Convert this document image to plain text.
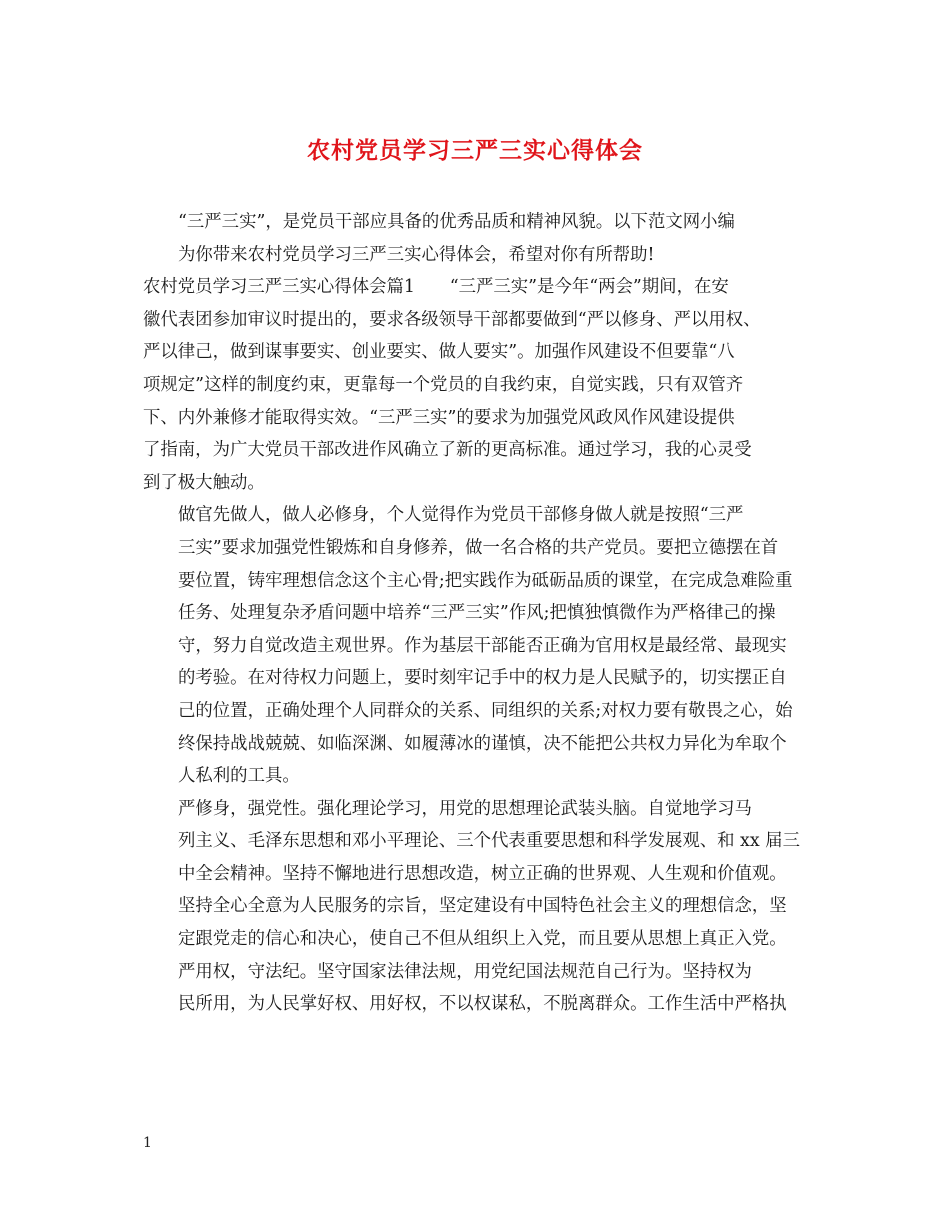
农村党员学习三严三实心得体会

“三严三实”，是党员干部应具备的优秀品质和精神风貌。以下范文网小编
为你带来农村党员学习三严三实心得体会，希望对你有所帮助!

农村党员学习三严三实心得体会篇1　　“三严三实”是今年“两会”期间，在安
徽代表团参加审议时提出的，要求各级领导干部都要做到“严以修身、严以用权、
严以律己，做到谋事要实、创业要实、做人要实”。加强作风建设不但要靠“八
项规定”这样的制度约束，更靠每一个党员的自我约束，自觉实践，只有双管齐
下、内外兼修才能取得实效。“三严三实”的要求为加强党风政风作风建设提供
了指南，为广大党员干部改进作风确立了新的更高标准。通过学习，我的心灵受
到了极大触动。

做官先做人，做人必修身，个人觉得作为党员干部修身做人就是按照“三严
三实”要求加强党性锻炼和自身修养，做一名合格的共产党员。要把立德摆在首
要位置，铸牢理想信念这个主心骨;把实践作为砥砺品质的课堂，在完成急难险重
任务、处理复杂矛盾问题中培养“三严三实”作风;把慎独慎微作为严格律己的操
守，努力自觉改造主观世界。作为基层干部能否正确为官用权是最经常、最现实
的考验。在对待权力问题上，要时刻牢记手中的权力是人民赋予的，切实摆正自
己的位置，正确处理个人同群众的关系、同组织的关系;对权力要有敬畏之心，始
终保持战战兢兢、如临深渊、如履薄冰的谨慎，决不能把公共权力异化为牟取个
人私利的工具。

严修身，强党性。强化理论学习，用党的思想理论武装头脑。自觉地学习马
列主义、毛泽东思想和邓小平理论、三个代表重要思想和科学发展观、和 xx 届三
中全会精神。坚持不懈地进行思想改造，树立正确的世界观、人生观和价值观。
坚持全心全意为人民服务的宗旨，坚定建设有中国特色社会主义的理想信念，坚
定跟党走的信心和决心，使自己不但从组织上入党，而且要从思想上真正入党。

严用权，守法纪。坚守国家法律法规，用党纪国法规范自己行为。坚持权为
民所用，为人民掌好权、用好权，不以权谋私，不脱离群众。工作生活中严格执

1
